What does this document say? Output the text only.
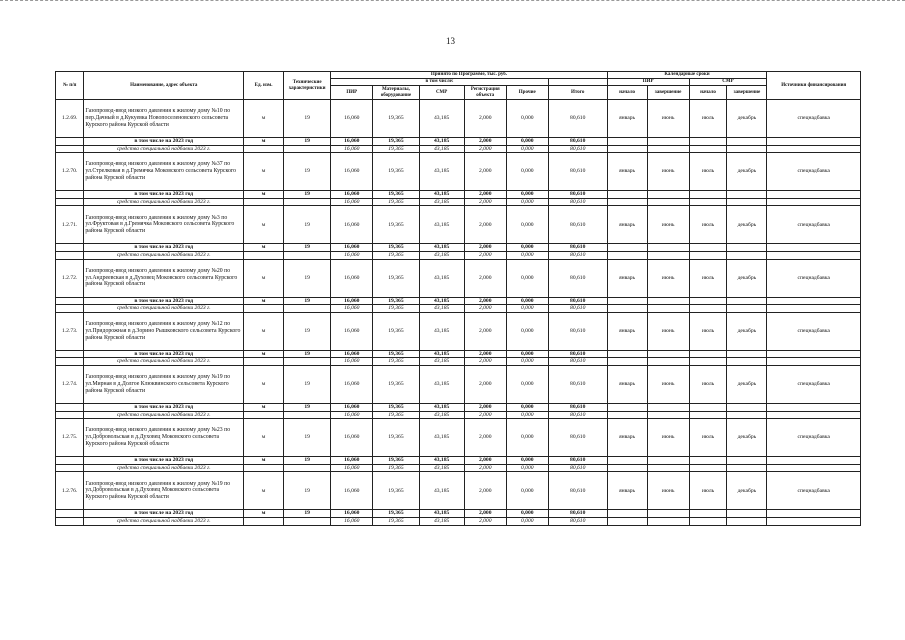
13
№ п/п	Наименование, адрес объекта	Ед. изм.	Технические характеристики	Принято по Программе, тыс. руб.						Календарные сроки				Источники финансирования
				в том числе:						ПИР		СМР		
				ПИР	Материалы, оборудование	СМР	Регистрация объекта	Прочие	Итого	начало	завершение	начало	завершение	
1.2.69.	Газопровод-ввод низкого давления к жилому дому №10 по пер.Дачный в д.Кукуевка Новопоселеновского сельсовета Курского района Курской области	м	19	16,060	19,365	43,185	2,000	0,000	80,610	январь	июнь	июль	декабрь	спецнадбавка
	в том числе на 2023 год	м	19	16,060	19,365	43,185	2,000	0,000	80,610					
	средства специальной надбавки 2023 г.			16,060	19,365	43,185	2,000	0,000	80,610					
1.2.70.	Газопровод-ввод низкого давления к жилому дому №37 по ул.Стрелковая в д.Гремячка Моковского сельсовета Курского района Курской области	м	19	16,060	19,365	43,185	2,000	0,000	80,610	январь	июнь	июль	декабрь	спецнадбавка
	в том числе на 2023 год	м	19	16,060	19,365	43,185	2,000	0,000	80,610					
	средства специальной надбавки 2023 г.			16,060	19,365	43,185	2,000	0,000	80,610					
1.2.71.	Газопровод-ввод низкого давления к жилому дому №3 по ул.Фруктовая в д.Гремячка Моковского сельсовета Курского района Курской области	м	19	16,060	19,365	43,185	2,000	0,000	80,610	январь	июнь	июль	декабрь	спецнадбавка
	в том числе на 2023 год	м	19	16,060	19,365	43,185	2,000	0,000	80,610					
	средства специальной надбавки 2023 г.			16,060	19,365	43,185	2,000	0,000	80,610					
1.2.72.	Газопровод-ввод низкого давления к жилому дому №20 по ул.Андреевская в д.Духовец Моковского сельсовета Курского района Курской области	м	19	16,060	19,365	43,185	2,000	0,000	80,610	январь	июнь	июль	декабрь	спецнадбавка
	в том числе на 2023 год	м	19	16,060	19,365	43,185	2,000	0,000	80,610					
	средства специальной надбавки 2023 г.			16,060	19,365	43,185	2,000	0,000	80,610					
1.2.73.	Газопровод-ввод низкого давления к жилому дому №12 по ул.Придорожная в д.Зорино Рышковского сельсовета Курского района Курской области	м	19	16,060	19,365	43,185	2,000	0,000	80,610	январь	июнь	июль	декабрь	спецнадбавка
	в том числе на 2023 год	м	19	16,060	19,365	43,185	2,000	0,000	80,610					
	средства специальной надбавки 2023 г.			16,060	19,365	43,185	2,000	0,000	80,610					
1.2.74.	Газопровод-ввод низкого давления к жилому дому №19 по ул.Мирная в д.Долгое Клюквинского сельсовета Курского района Курской области	м	19	16,060	19,365	43,185	2,000	0,000	80,610	январь	июнь	июль	декабрь	спецнадбавка
	в том числе на 2023 год	м	19	16,060	19,365	43,185	2,000	0,000	80,610					
	средства специальной надбавки 2023 г.			16,060	19,365	43,185	2,000	0,000	80,610					
1.2.75.	Газопровод-ввод низкого давления к жилому дому №23 по ул.Добровольская в д.Духовец Моковского сельсовета Курского района Курской области	м	19	16,060	19,365	43,185	2,000	0,000	80,610	январь	июнь	июль	декабрь	спецнадбавка
	в том числе на 2023 год	м	19	16,060	19,365	43,185	2,000	0,000	80,610					
	средства специальной надбавки 2023 г.			16,060	19,365	43,185	2,000	0,000	80,610					
1.2.76.	Газопровод-ввод низкого давления к жилому дому №19 по ул.Добровольская в д.Духовец Моковского сельсовета Курского района Курской области	м	19	16,060	19,365	43,185	2,000	0,000	80,610	январь	июнь	июль	декабрь	спецнадбавка
	в том числе на 2023 год	м	19	16,060	19,365	43,185	2,000	0,000	80,610					
	средства специальной надбавки 2023 г.			16,060	19,365	43,185	2,000	0,000	80,610					
